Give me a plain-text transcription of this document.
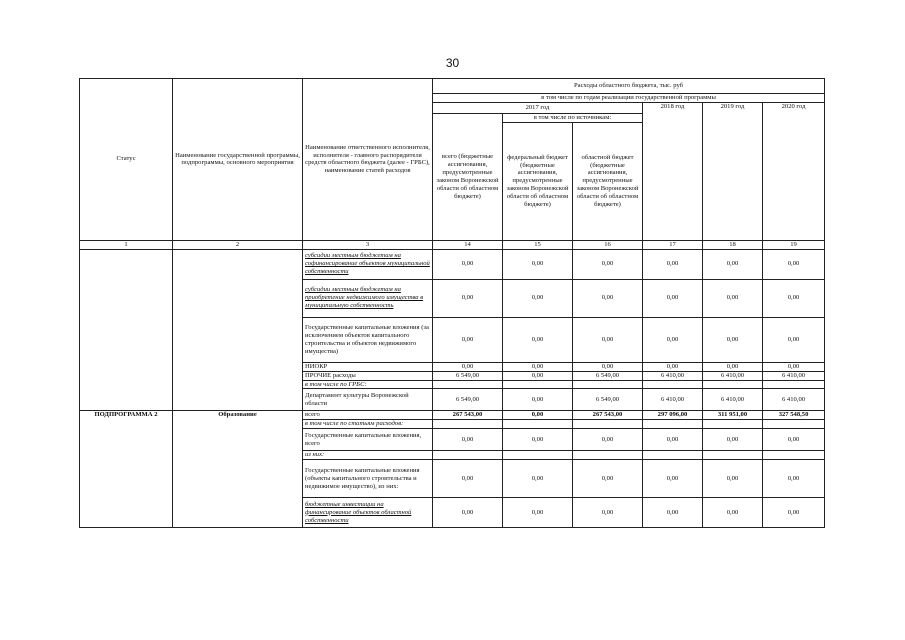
30
Статус	Наименование государственной программы, подпрограммы, основного мероприятия	Наименование ответственного исполнителя, исполнителя - главного распорядителя средств областного бюджета (далее - ГРБС), наименование статей расходов	Расходы областного бюджета, тыс. руб					
			в том числе по годам реализации государственной программы					
			2017 год			2018 год	2019 год	2020 год
			всего (бюджетные ассигнования, предусмотренные законом Воронежской области об областном бюджете)	в том числе по источникам:				
				федеральный бюджет (бюджетные ассигнования, предусмотренные законом Воронежской области об областном бюджете)	областной бюджет (бюджетные ассигнования, предусмотренные законом Воронежской области об областном бюджете)			
1	2	3	14	15	16	17	18	19
		субсидии местным бюджетам на софинансирование объектов муниципальной собственности	0,00	0,00	0,00	0,00	0,00	0,00
		субсидии местным бюджетам на приобретение недвижимого имущества в муниципальную собственность	0,00	0,00	0,00	0,00	0,00	0,00
		Государственные капитальные вложения (за исключением объектов капитального строительства и объектов недвижимого имущества)	0,00	0,00	0,00	0,00	0,00	0,00
		НИОКР	0,00	0,00	0,00	0,00	0,00	0,00
		ПРОЧИЕ расходы	6 549,00	0,00	6 549,00	6 410,00	6 410,00	6 410,00
		в том числе по ГРБС:						
		Департамент культуры Воронежской области	6 549,00	0,00	6 549,00	6 410,00	6 410,00	6 410,00
ПОДПРОГРАММА 2	Образование	всего	267 543,00	0,00	267 543,00	297 096,00	311 951,00	327 548,50
		в том числе по статьям расходов:						
		Государственные капитальные вложения, всего	0,00	0,00	0,00	0,00	0,00	0,00
		из них:						
		Государственные капитальные вложения (объекты капитального строительства и недвижимое имущество), из них:	0,00	0,00	0,00	0,00	0,00	0,00
		бюджетные инвестиции на финансирование объектов областной собственности	0,00	0,00	0,00	0,00	0,00	0,00
